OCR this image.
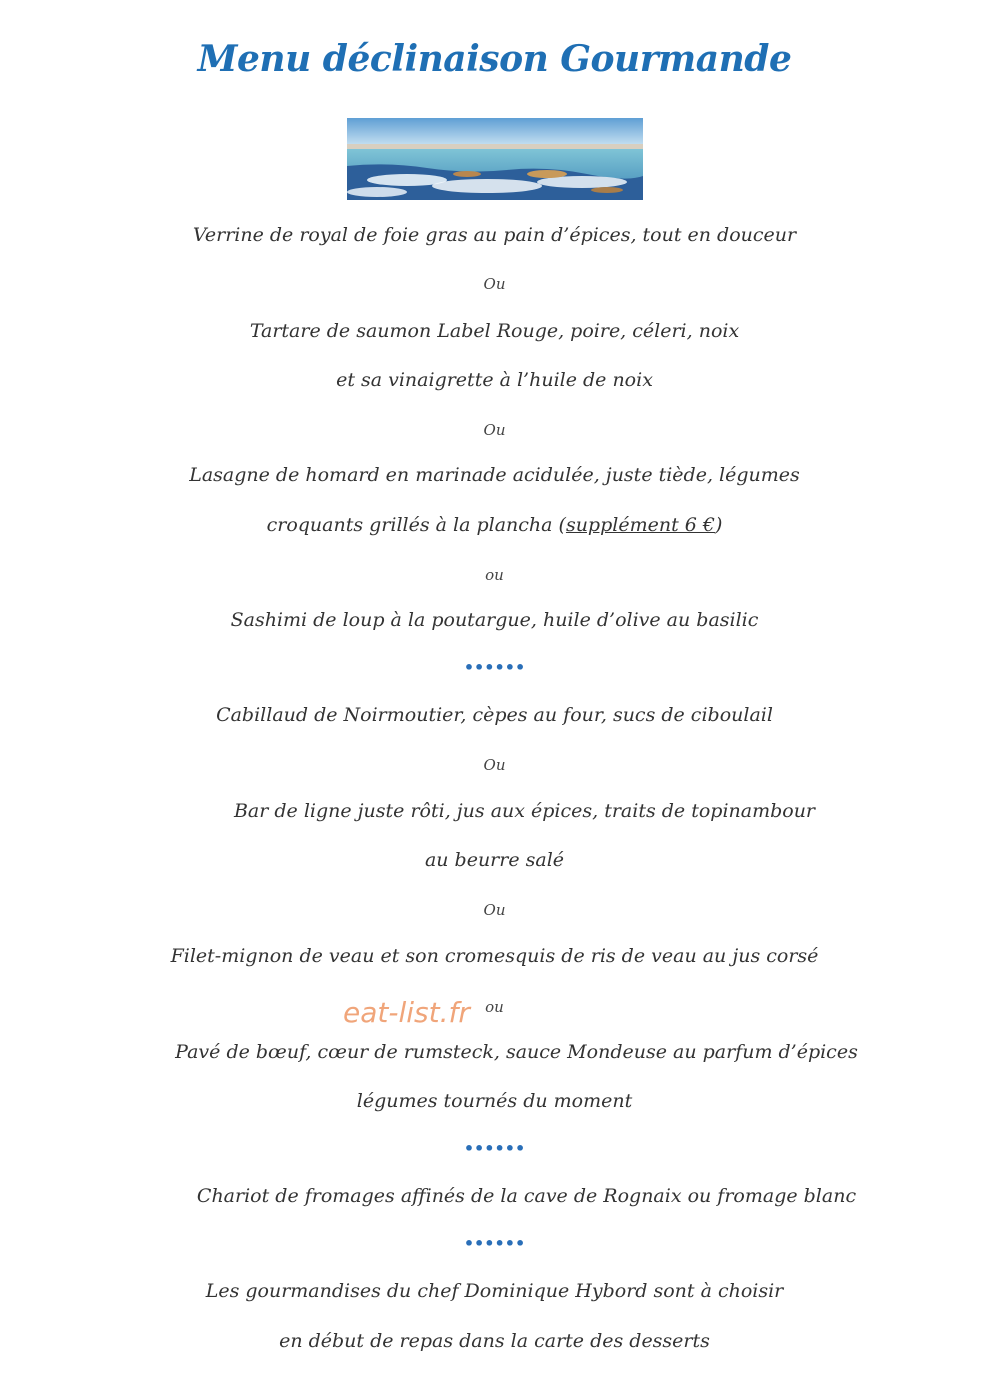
Menu déclinaison Gourmande
Verrine de royal de foie gras au pain d’épices, tout en douceur
Ou
Tartare de saumon Label Rouge, poire, céleri, noix
et sa vinaigrette à l’huile de noix
Ou
Lasagne de homard en marinade acidulée, juste tiède, légumes
croquants grillés à la plancha (supplément 6 €)
ou
Sashimi de loup à la poutargue, huile d’olive au basilic
••••••
Cabillaud de Noirmoutier, cèpes au four, sucs de ciboulail
Ou
Bar de ligne juste rôti, jus aux épices, traits de topinambour
au beurre salé
Ou
Filet-mignon de veau et son cromesquis de ris de veau au jus corsé
ou
eat-list.fr
Pavé de bœuf, cœur de rumsteck, sauce Mondeuse au parfum d’épices
légumes tournés du moment
••••••
Chariot de fromages affinés de la cave de Rognaix ou fromage blanc
••••••
Les gourmandises du chef Dominique Hybord sont à choisir
en début de repas dans la carte des desserts
